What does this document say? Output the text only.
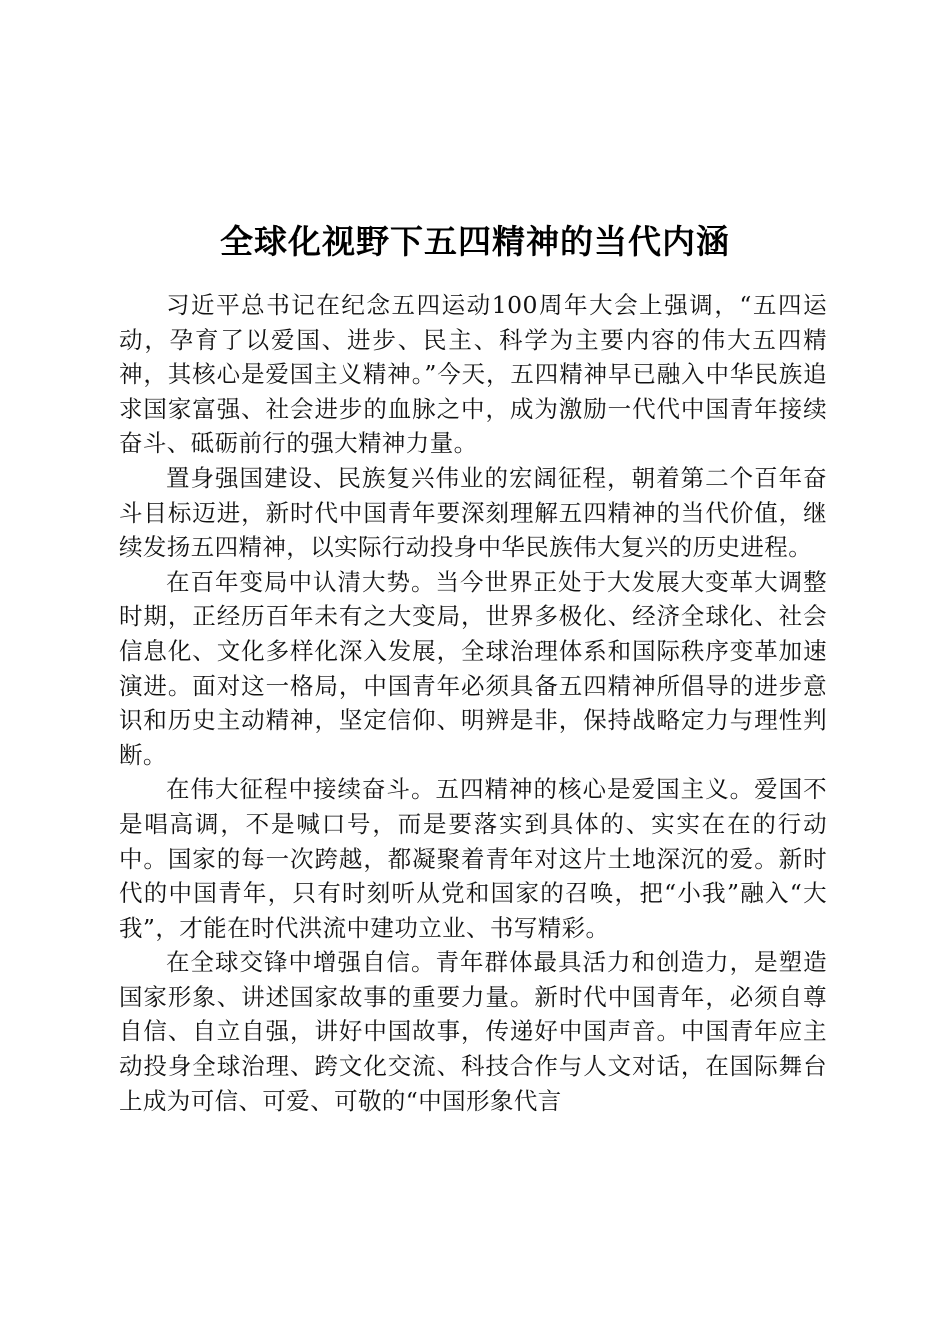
全球化视野下五四精神的当代内涵

习近平总书记在纪念五四运动100周年大会上强调，“五四运动，孕育了以爱国、进步、民主、科学为主要内容的伟大五四精神，其核心是爱国主义精神。”今天，五四精神早已融入中华民族追求国家富强、社会进步的血脉之中，成为激励一代代中国青年接续奋斗、砥砺前行的强大精神力量。

置身强国建设、民族复兴伟业的宏阔征程，朝着第二个百年奋斗目标迈进，新时代中国青年要深刻理解五四精神的当代价值，继续发扬五四精神，以实际行动投身中华民族伟大复兴的历史进程。

在百年变局中认清大势。当今世界正处于大发展大变革大调整时期，正经历百年未有之大变局，世界多极化、经济全球化、社会信息化、文化多样化深入发展，全球治理体系和国际秩序变革加速演进。面对这一格局，中国青年必须具备五四精神所倡导的进步意识和历史主动精神，坚定信仰、明辨是非，保持战略定力与理性判断。

在伟大征程中接续奋斗。五四精神的核心是爱国主义。爱国不是唱高调，不是喊口号，而是要落实到具体的、实实在在的行动中。国家的每一次跨越，都凝聚着青年对这片土地深沉的爱。新时代的中国青年，只有时刻听从党和国家的召唤，把“小我”融入“大我”，才能在时代洪流中建功立业、书写精彩。

在全球交锋中增强自信。青年群体最具活力和创造力，是塑造国家形象、讲述国家故事的重要力量。新时代中国青年，必须自尊自信、自立自强，讲好中国故事，传递好中国声音。中国青年应主动投身全球治理、跨文化交流、科技合作与人文对话，在国际舞台上成为可信、可爱、可敬的“中国形象代言
